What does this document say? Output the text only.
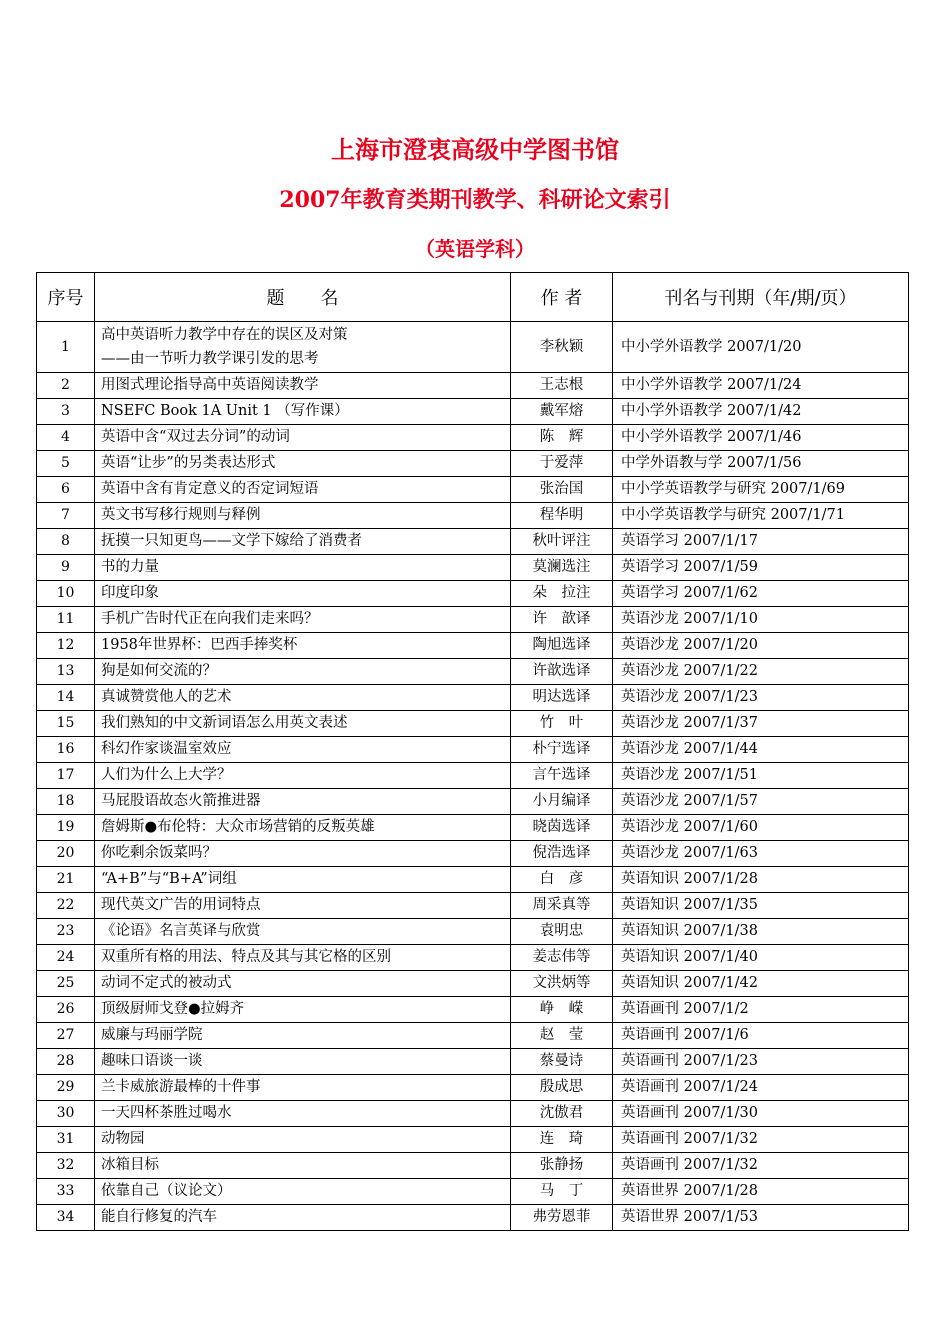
上海市澄衷高级中学图书馆
2007年教育类期刊教学、科研论文索引
（英语学科）
序号	题　　名	作 者	刊名与刊期（年/期/页）
1	高中英语听力教学中存在的误区及对策
——由一节听力教学课引发的思考	李秋颖	中小学外语教学 2007/1/20
2	用图式理论指导高中英语阅读教学	王志根	中小学外语教学 2007/1/24
3	NSEFC Book 1A Unit 1 （写作课）	戴军熔	中小学外语教学 2007/1/42
4	英语中含“双过去分词”的动词	陈　辉	中小学外语教学 2007/1/46
5	英语“让步”的另类表达形式	于爱萍	中学外语教与学 2007/1/56
6	英语中含有肯定意义的否定词短语	张治国	中小学英语教学与研究 2007/1/69
7	英文书写移行规则与释例	程华明	中小学英语教学与研究 2007/1/71
8	抚摸一只知更鸟——文学下嫁给了消费者	秋叶评注	英语学习 2007/1/17
9	书的力量	莫澜选注	英语学习 2007/1/59
10	印度印象	朵　拉注	英语学习 2007/1/62
11	手机广告时代正在向我们走来吗？	许　歆译	英语沙龙 2007/1/10
12	1958年世界杯：巴西手捧奖杯	陶旭选译	英语沙龙 2007/1/20
13	狗是如何交流的？	许歆选译	英语沙龙 2007/1/22
14	真诚赞赏他人的艺术	明达选译	英语沙龙 2007/1/23
15	我们熟知的中文新词语怎么用英文表述	竹　叶	英语沙龙 2007/1/37
16	科幻作家谈温室效应	朴宁选译	英语沙龙 2007/1/44
17	人们为什么上大学？	言午选译	英语沙龙 2007/1/51
18	马屁股语故态火箭推进器	小月编译	英语沙龙 2007/1/57
19	詹姆斯●布伦特：大众市场营销的反叛英雄	晓茵选译	英语沙龙 2007/1/60
20	你吃剩余饭菜吗？	倪浩选译	英语沙龙 2007/1/63
21	“A+B”与“B+A”词组	白　彦	英语知识 2007/1/28
22	现代英文广告的用词特点	周采真等	英语知识 2007/1/35
23	《论语》名言英译与欣赏	袁明忠	英语知识 2007/1/38
24	双重所有格的用法、特点及其与其它格的区别	姜志伟等	英语知识 2007/1/40
25	动词不定式的被动式	文洪炳等	英语知识 2007/1/42
26	顶级厨师戈登●拉姆齐	峥　嵘	英语画刊 2007/1/2
27	威廉与玛丽学院	赵　莹	英语画刊 2007/1/6
28	趣味口语谈一谈	蔡曼诗	英语画刊 2007/1/23
29	兰卡威旅游最棒的十件事	殷成思	英语画刊 2007/1/24
30	一天四杯茶胜过喝水	沈傲君	英语画刊 2007/1/30
31	动物园	连　琦	英语画刊 2007/1/32
32	冰箱目标	张静扬	英语画刊 2007/1/32
33	依靠自己（议论文）	马　丁	英语世界 2007/1/28
34	能自行修复的汽车	弗劳恩菲	英语世界 2007/1/53
